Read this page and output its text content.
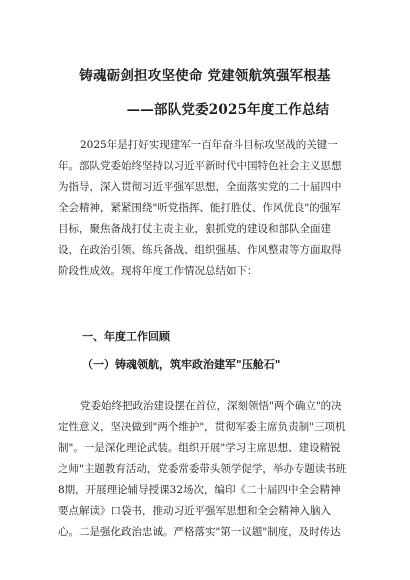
铸魂砺剑担攻坚使命 党建领航筑强军根基
——部队党委2025年度工作总结
2025年是打好实现建军一百年奋斗目标攻坚战的关键一
年。部队党委始终坚持以习近平新时代中国特色社会主义思想
为指导，深入贯彻习近平强军思想，全面落实党的二十届四中
全会精神，紧紧围绕"听党指挥、能打胜仗、作风优良"的强军
目标，聚焦备战打仗主责主业，狠抓党的建设和部队全面建
设，在政治引领、练兵备战、组织强基、作风整肃等方面取得
阶段性成效。现将年度工作情况总结如下：
一、年度工作回顾
（一）铸魂领航，筑牢政治建军"压舱石"
党委始终把政治建设摆在首位，深刻领悟"两个确立"的决
定性意义，坚决做到"两个维护"，贯彻军委主席负责制"三项机
制"。一是深化理论武装。组织开展"学习主席思想、建设精锐
之师"主题教育活动，党委常委带头领学促学，举办专题读书班
8期，开展理论辅导授课32场次，编印《二十届四中全会精神
要点解读》口袋书，推动习近平强军思想和全会精神入脑入
心。二是强化政治忠诚。严格落实"第一议题"制度，及时传达
